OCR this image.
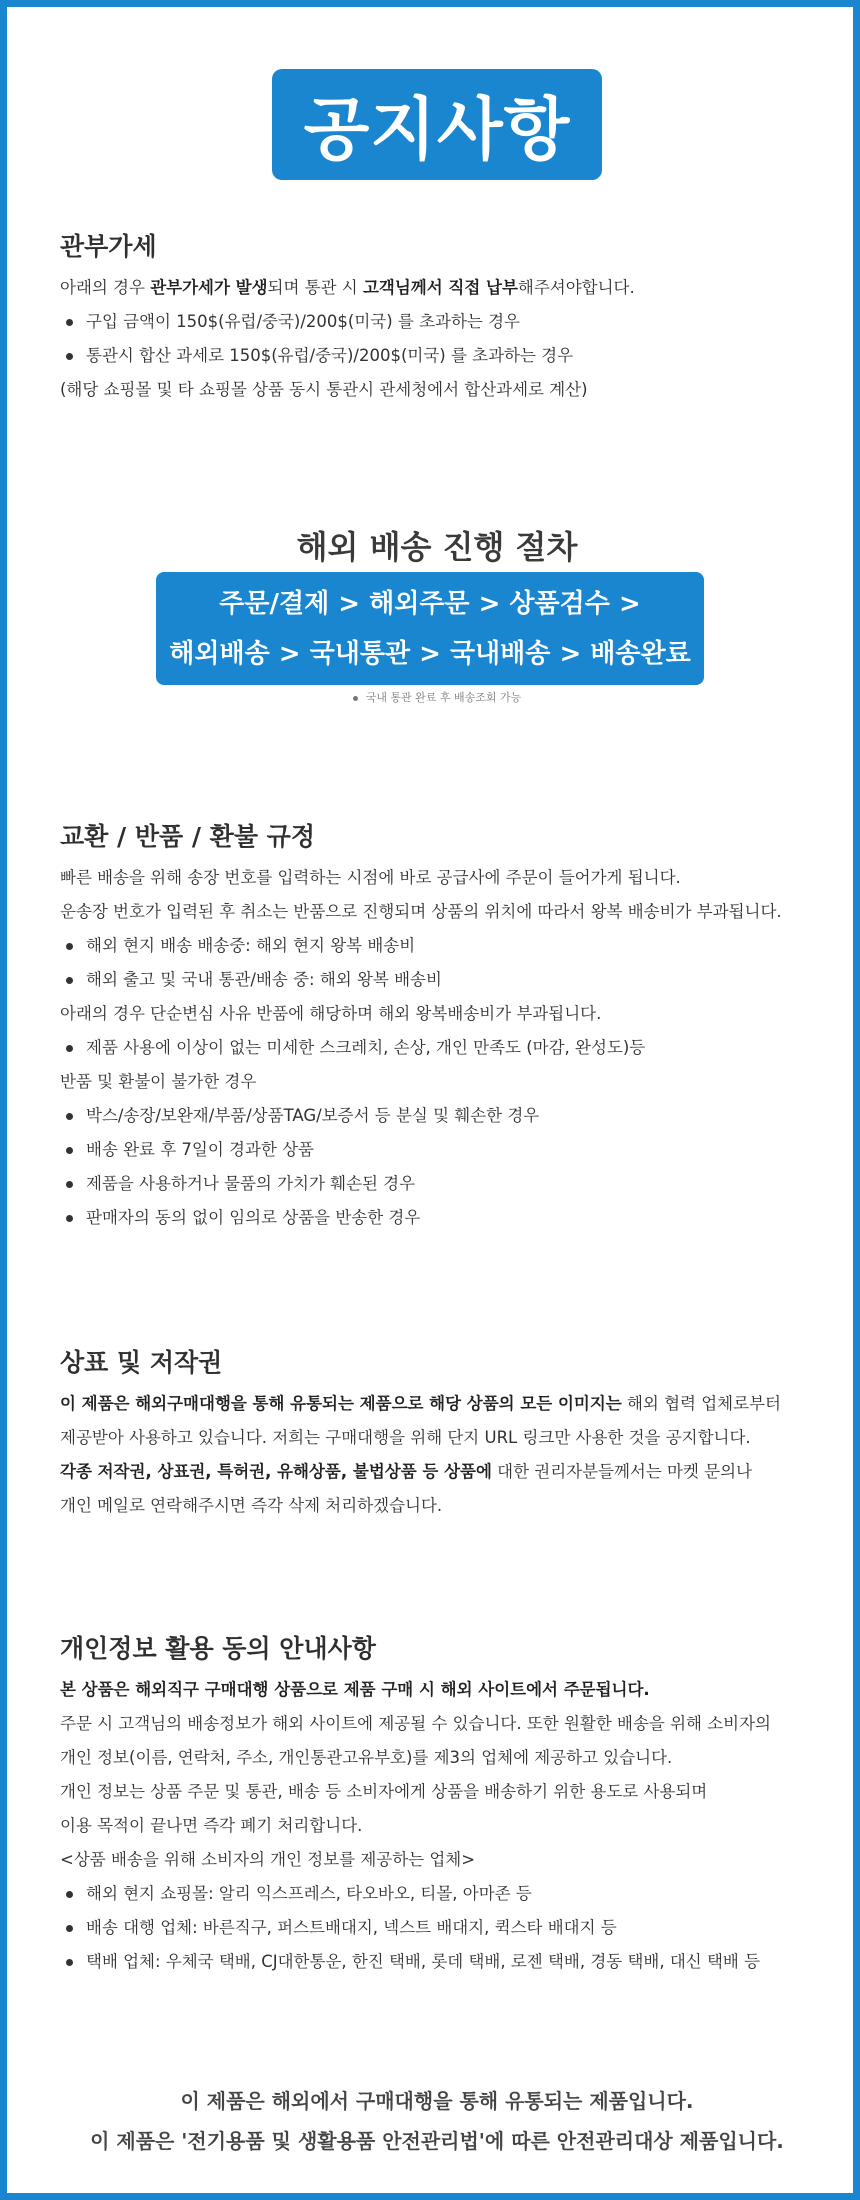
공지사항
관부가세
아래의 경우 관부가세가 발생되며 통관 시 고객님께서 직접 납부해주셔야합니다.
구입 금액이 150$(유럽/중국)/200$(미국) 를 초과하는 경우
통관시 합산 과세로 150$(유럽/중국)/200$(미국) 를 초과하는 경우
(해당 쇼핑몰 및 타 쇼핑몰 상품 동시 통관시 관세청에서 합산과세로 계산)
해외 배송 진행 절차
주문/결제 > 해외주문 > 상품검수 >
해외배송 > 국내통관 > 국내배송 > 배송완료
국내 통관 완료 후 배송조회 가능
교환 / 반품 / 환불 규정
빠른 배송을 위해 송장 번호를 입력하는 시점에 바로 공급사에 주문이 들어가게 됩니다.
운송장 번호가 입력된 후 취소는 반품으로 진행되며 상품의 위치에 따라서 왕복 배송비가 부과됩니다.
해외 현지 배송 배송중: 해외 현지 왕복 배송비
해외 출고 및 국내 통관/배송 중: 해외 왕복 배송비
아래의 경우 단순변심 사유 반품에 해당하며 해외 왕복배송비가 부과됩니다.
제품 사용에 이상이 없는 미세한 스크레치, 손상, 개인 만족도 (마감, 완성도)등
반품 및 환불이 불가한 경우
박스/송장/보완재/부품/상품TAG/보증서 등 분실 및 훼손한 경우
배송 완료 후 7일이 경과한 상품
제품을 사용하거나 물품의 가치가 훼손된 경우
판매자의 동의 없이 임의로 상품을 반송한 경우
상표 및 저작권
이 제품은 해외구매대행을 통해 유통되는 제품으로 해당 상품의 모든 이미지는 해외 협력 업체로부터
제공받아 사용하고 있습니다. 저희는 구매대행을 위해 단지 URL 링크만 사용한 것을 공지합니다.
각종 저작권, 상표권, 특허권, 유해상품, 불법상품 등 상품에 대한 권리자분들께서는 마켓 문의나
개인 메일로 연락해주시면 즉각 삭제 처리하겠습니다.
개인정보 활용 동의 안내사항
본 상품은 해외직구 구매대행 상품으로 제품 구매 시 해외 사이트에서 주문됩니다.
주문 시 고객님의 배송정보가 해외 사이트에 제공될 수 있습니다. 또한 원활한 배송을 위해 소비자의
개인 정보(이름, 연락처, 주소, 개인통관고유부호)를 제3의 업체에 제공하고 있습니다.
개인 정보는 상품 주문 및 통관, 배송 등 소비자에게 상품을 배송하기 위한 용도로 사용되며
이용 목적이 끝나면 즉각 폐기 처리합니다.
<상품 배송을 위해 소비자의 개인 정보를 제공하는 업체>
해외 현지 쇼핑몰: 알리 익스프레스, 타오바오, 티몰, 아마존 등
배송 대행 업체: 바른직구, 퍼스트배대지, 넥스트 배대지, 퀵스타 배대지 등
택배 업체: 우체국 택배, CJ대한통운, 한진 택배, 롯데 택배, 로젠 택배, 경동 택배, 대신 택배 등
이 제품은 해외에서 구매대행을 통해 유통되는 제품입니다.
이 제품은 '전기용품 및 생활용품 안전관리법'에 따른 안전관리대상 제품입니다.
